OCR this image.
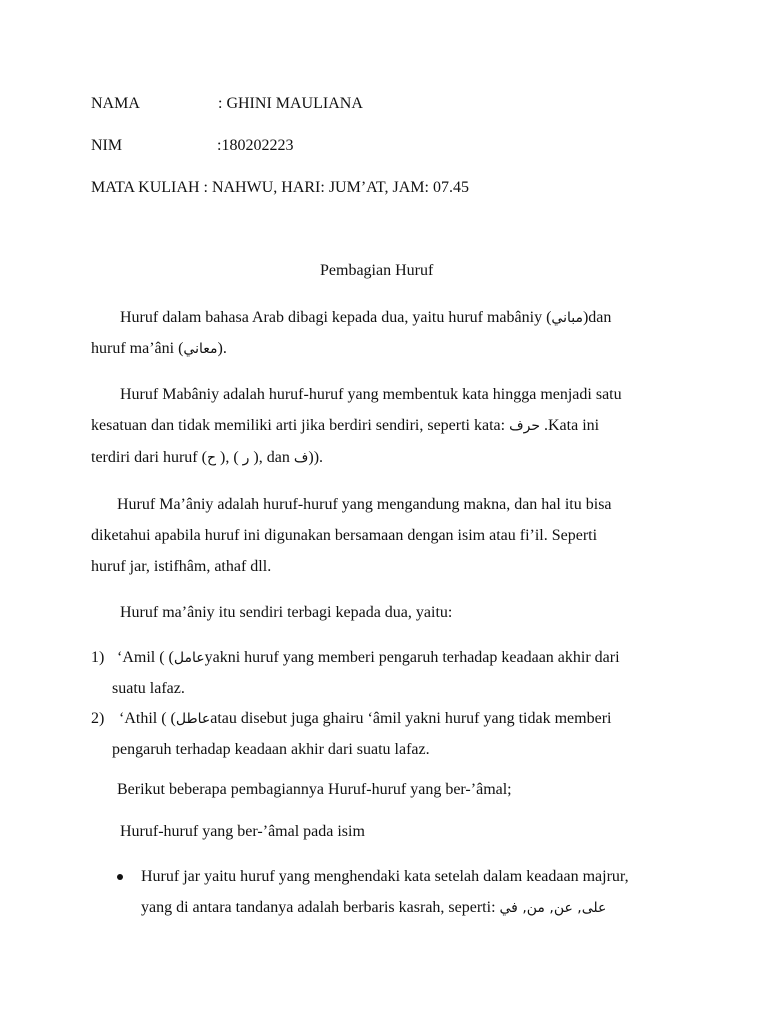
NAMA	: GHINI MAULIANA
NIM	:180202223
MATA KULIAH : NAHWU, HARI: JUM’AT, JAM: 07.45
Pembagian Huruf
Huruf dalam bahasa Arab dibagi kepada dua, yaitu huruf mabâniy (مباني)dan
huruf ma’âni (معاني).
Huruf Mabâniy adalah huruf-huruf yang membentuk kata hingga menjadi satu
kesatuan dan tidak memiliki arti jika berdiri sendiri, seperti kata: حرف .Kata ini
terdiri dari huruf (ح ), ( ر ), dan ف)).
Huruf Ma’âniy adalah huruf-huruf yang mengandung makna, dan hal itu bisa
diketahui apabila huruf ini digunakan bersamaan dengan isim atau fi’il. Seperti
huruf jar, istifhâm, athaf dll.
Huruf ma’âniy itu sendiri terbagi kepada dua, yaitu:
1) ‘Amil ( (عاملyakni huruf yang memberi pengaruh terhadap keadaan akhir dari
suatu lafaz.
2) ‘Athil ( (عاطلatau disebut juga ghairu ‘âmil yakni huruf yang tidak memberi
pengaruh terhadap keadaan akhir dari suatu lafaz.
Berikut beberapa pembagiannya Huruf-huruf yang ber-’âmal;
Huruf-huruf yang ber-’âmal pada isim
Huruf jar yaitu huruf yang menghendaki kata setelah dalam keadaan majrur,
yang di antara tandanya adalah berbaris kasrah, seperti: على, عن, من, في
